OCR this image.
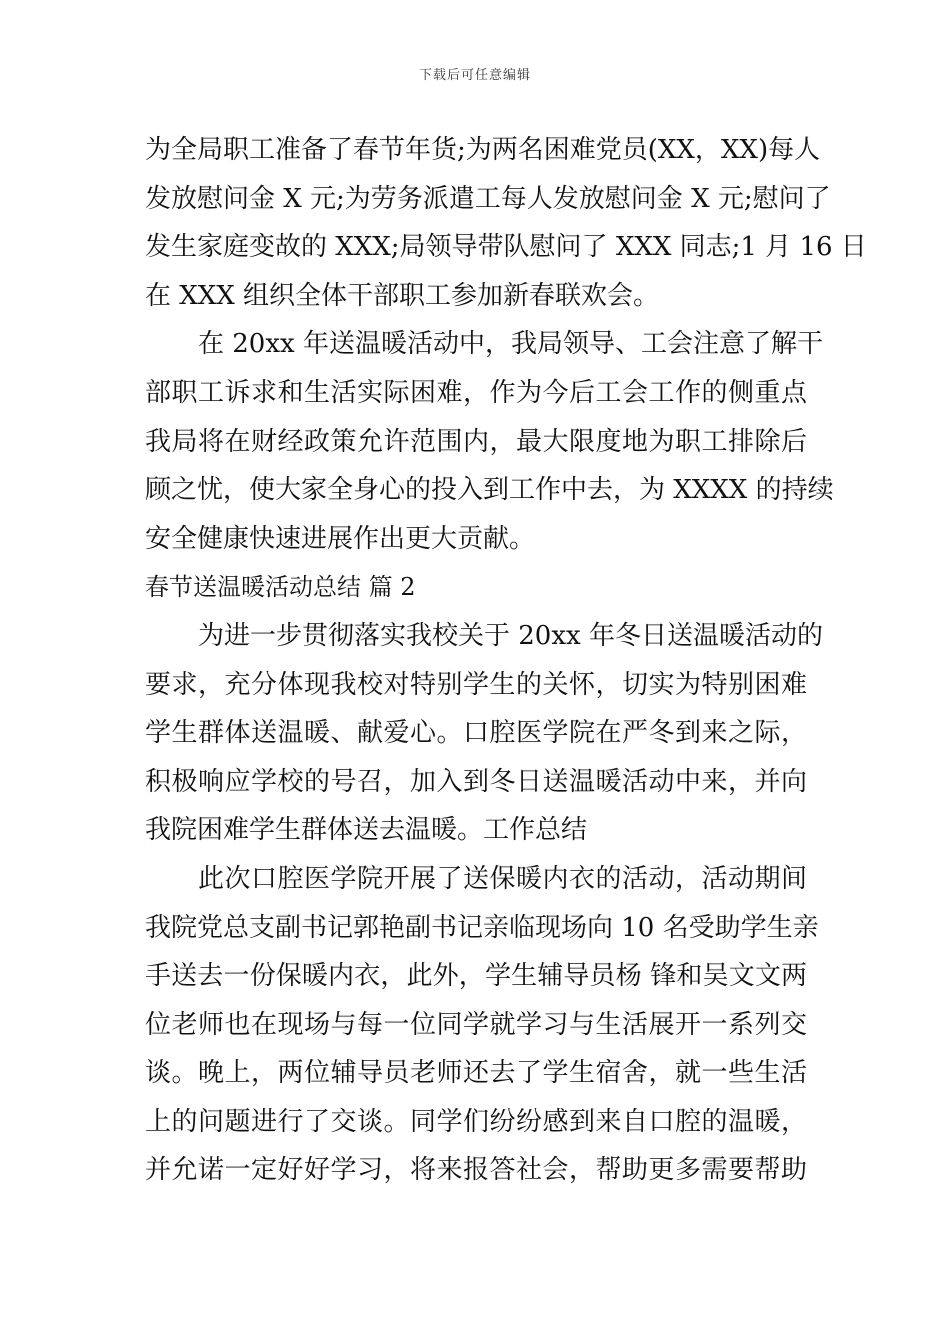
下载后可任意编辑
为全局职工准备了春节年货;为两名困难党员(XX，XX)每人
发放慰问金 X 元;为劳务派遣工每人发放慰问金 X 元;慰问了
发生家庭变故的 XXX;局领导带队慰问了 XXX 同志;1 月 16 日
在 XXX 组织全体干部职工参加新春联欢会。
在 20xx 年送温暖活动中，我局领导、工会注意了解干
部职工诉求和生活实际困难，作为今后工会工作的侧重点
我局将在财经政策允许范围内，最大限度地为职工排除后
顾之忧，使大家全身心的投入到工作中去，为 XXXX 的持续
安全健康快速进展作出更大贡献。
春节送温暖活动总结 篇 2
为进一步贯彻落实我校关于 20xx 年冬日送温暖活动的
要求，充分体现我校对特别学生的关怀，切实为特别困难
学生群体送温暖、献爱心。口腔医学院在严冬到来之际，
积极响应学校的号召，加入到冬日送温暖活动中来，并向
我院困难学生群体送去温暖。工作总结
此次口腔医学院开展了送保暖内衣的活动，活动期间
我院党总支副书记郭艳副书记亲临现场向 10 名受助学生亲
手送去一份保暖内衣，此外，学生辅导员杨 锋和吴文文两
位老师也在现场与每一位同学就学习与生活展开一系列交
谈。晚上，两位辅导员老师还去了学生宿舍，就一些生活
上的问题进行了交谈。同学们纷纷感到来自口腔的温暖，
并允诺一定好好学习，将来报答社会，帮助更多需要帮助
